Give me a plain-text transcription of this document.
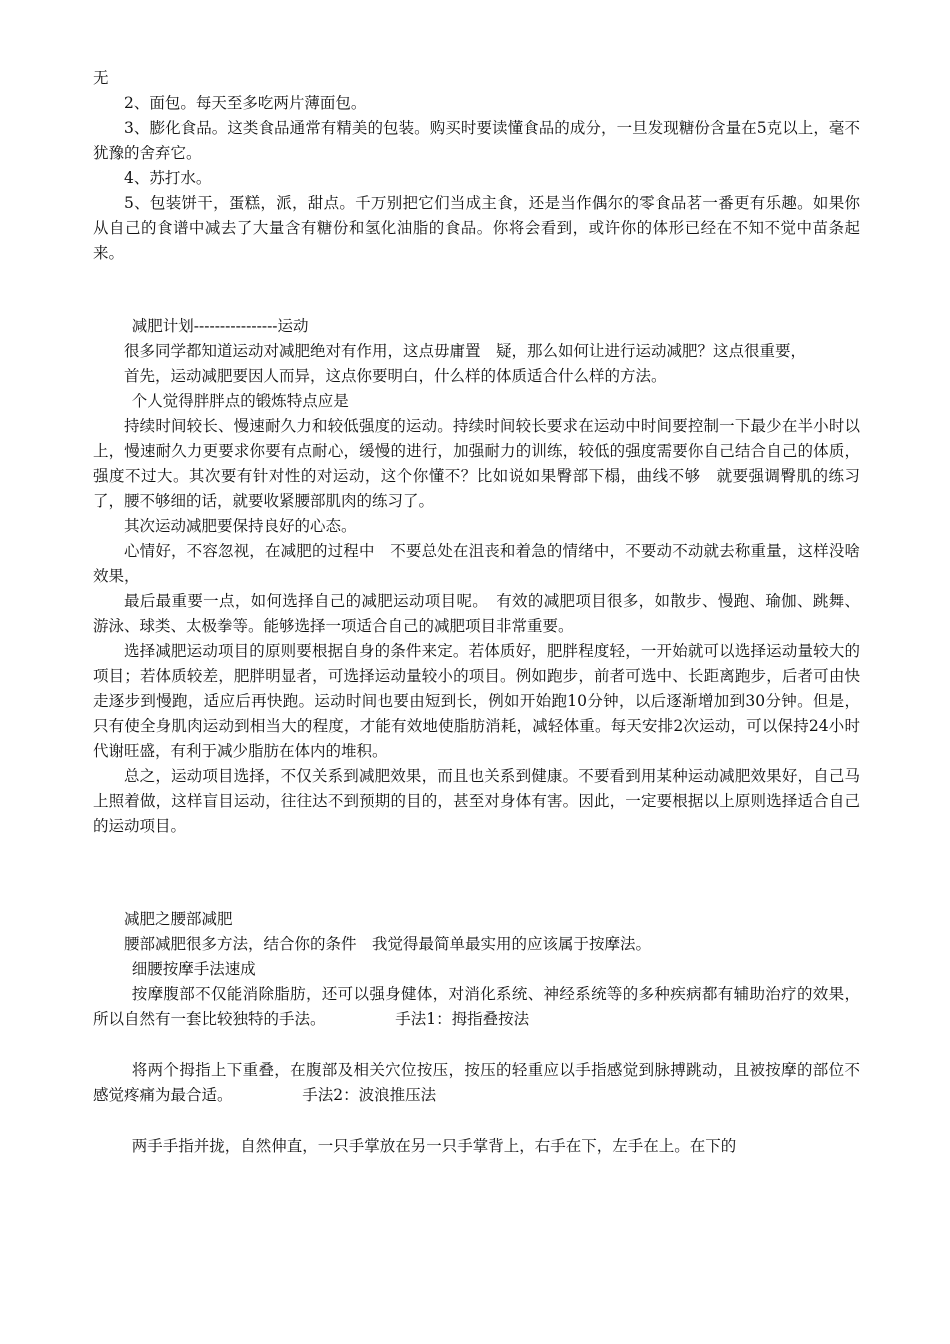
无

2、面包。每天至多吃两片薄面包。

3、膨化食品。这类食品通常有精美的包装。购买时要读懂食品的成分，一旦发现糖份含量在5克以上，毫不犹豫的舍弃它。

4、苏打水。

5、包装饼干，蛋糕，派，甜点。千万别把它们当成主食，还是当作偶尔的零食品茗一番更有乐趣。如果你从自己的食谱中减去了大量含有糖份和氢化油脂的食品。你将会看到，或许你的体形已经在不知不觉中苗条起来。

减肥计划----------------运动

很多同学都知道运动对减肥绝对有作用，这点毋庸置　疑，那么如何让进行运动减肥？这点很重要，

首先，运动减肥要因人而异，这点你要明白，什么样的体质适合什么样的方法。

个人觉得胖胖点的锻炼特点应是

持续时间较长、慢速耐久力和较低强度的运动。持续时间较长要求在运动中时间要控制一下最少在半小时以上，慢速耐久力更要求你要有点耐心，缓慢的进行，加强耐力的训练，较低的强度需要你自己结合自己的体质，强度不过大。其次要有针对性的对运动，这个你懂不？比如说如果臀部下榻，曲线不够　就要强调臀肌的练习了，腰不够细的话，就要收紧腰部肌肉的练习了。

其次运动减肥要保持良好的心态。

心情好，不容忽视，在减肥的过程中　不要总处在沮丧和着急的情绪中，不要动不动就去称重量，这样没啥效果，

最后最重要一点，如何选择自己的减肥运动项目呢。　有效的减肥项目很多，如散步、慢跑、瑜伽、跳舞、游泳、球类、太极拳等。能够选择一项适合自己的减肥项目非常重要。

选择减肥运动项目的原则要根据自身的条件来定。若体质好，肥胖程度轻，一开始就可以选择运动量较大的项目；若体质较差，肥胖明显者，可选择运动量较小的项目。例如跑步，前者可选中、长距离跑步，后者可由快走逐步到慢跑，适应后再快跑。运动时间也要由短到长，例如开始跑10分钟，以后逐渐增加到30分钟。但是，只有使全身肌肉运动到相当大的程度，才能有效地使脂肪消耗，减轻体重。每天安排2次运动，可以保持24小时代谢旺盛，有利于减少脂肪在体内的堆积。

总之，运动项目选择，不仅关系到减肥效果，而且也关系到健康。不要看到用某种运动减肥效果好，自己马上照着做，这样盲目运动，往往达不到预期的目的，甚至对身体有害。因此，一定要根据以上原则选择适合自己的运动项目。

减肥之腰部减肥

腰部减肥很多方法，结合你的条件　我觉得最简单最实用的应该属于按摩法。

细腰按摩手法速成

按摩腹部不仅能消除脂肪，还可以强身健体，对消化系统、神经系统等的多种疾病都有辅助治疗的效果，所以自然有一套比较独特的手法。　　　　　	手法1：拇指叠按法

将两个拇指上下重叠，在腹部及相关穴位按压，按压的轻重应以手指感觉到脉搏跳动，且被按摩的部位不感觉疼痛为最合适。　　　　　	手法2：波浪推压法

两手手指并拢，自然伸直，一只手掌放在另一只手掌背上，右手在下，左手在上。在下的
